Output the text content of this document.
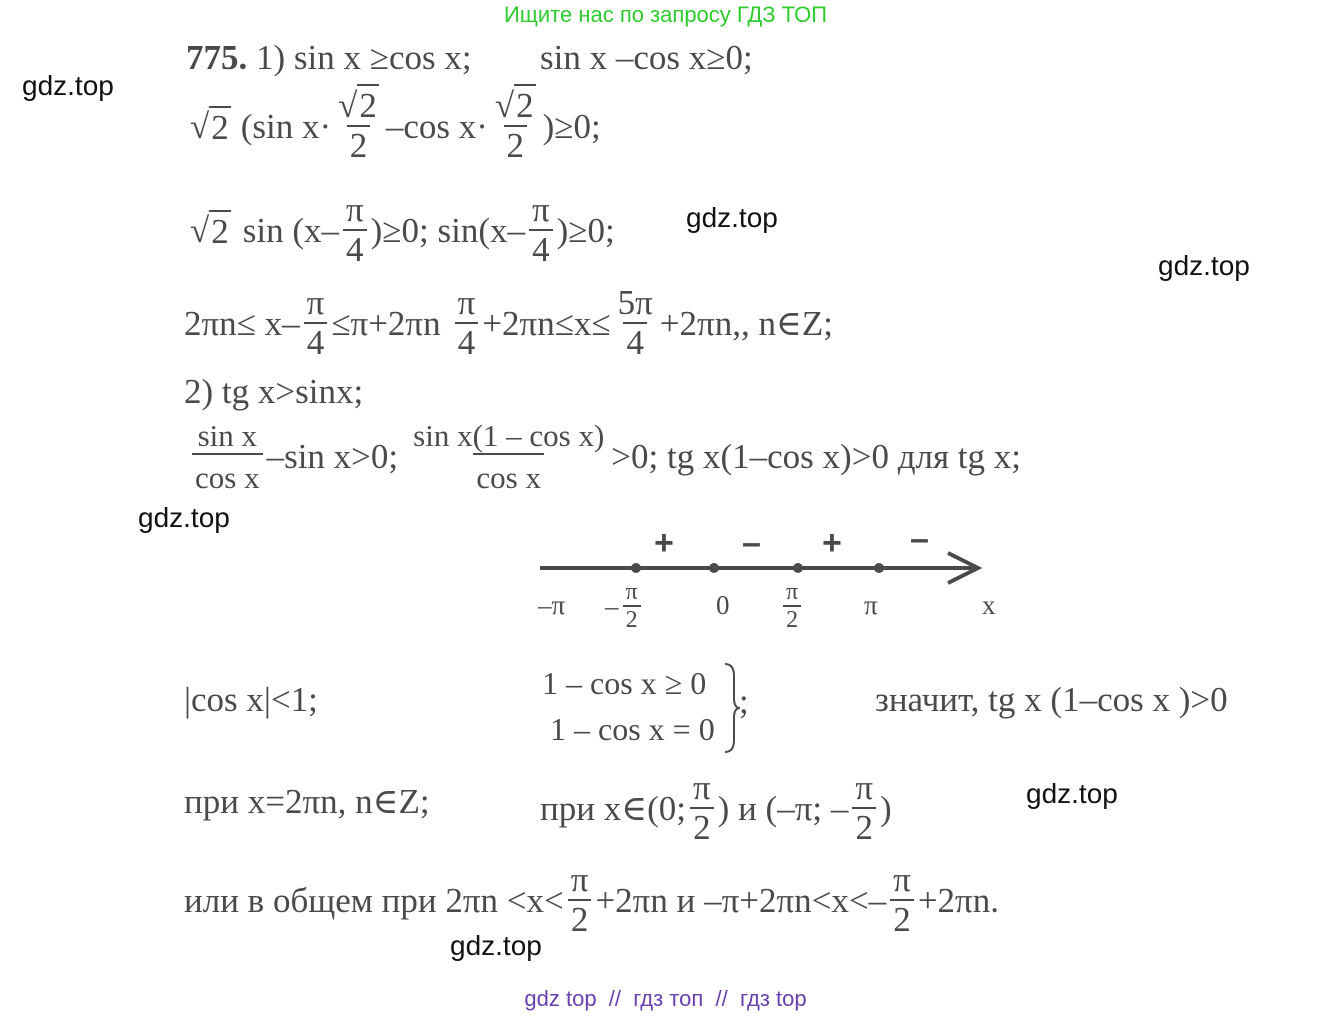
Ищите нас по запросу ГДЗ ТОП
gdz.top
gdz.top
gdz.top
gdz.top
gdz.top
gdz.top
775. 1) sin x ≥cos x; sin x –cos x≥0;
√ 2 (sin $x\cdot \frac{√2}{2} -\cos$ $x\cdot \frac{√2}{2} )\ge 0$;
√ 2 $\sin (x- \frac{\pi}{4} )\ge 0$; $\sin(x- \frac{\pi}{4} )\ge 0$;
$2\pi n\le x- \frac{\pi}{4} \le\pi+2\pi n \frac{\pi}{4} +2\pi n\le x\le \frac{5\pi}{4} +2\pi n$,, n∈Z;
2) tg x>sinx;
$\frac{\text{sin x}}{\text{cos x}} -\sin$ x>0; $\frac{\text{sin x(1 – cos x)}}{\text{cos x}} >0$; tg x(1–cos x)>0 для tg x;
+ – + –
$-\pi - \frac{\pi}{2}$	$0 \frac{\pi}{2}$ π	x
|cos x|<1;	1 – cos x ≥ 0
1 – cos x = 0
;	значит, tg x (1–cos x )>0
при x=2πn, n∈Z;	при x∈(0; $\frac{\pi}{2}$ ) и (–π; – $\frac{\pi}{2}$ )
или в общем при $2\pi n <x< \frac{\pi}{2} +2\pi n$ и $-\pi+2\pi n<x<- \frac{\pi}{2} +2\pi n$.
gdz top  //  гдз топ  //  гдз top
